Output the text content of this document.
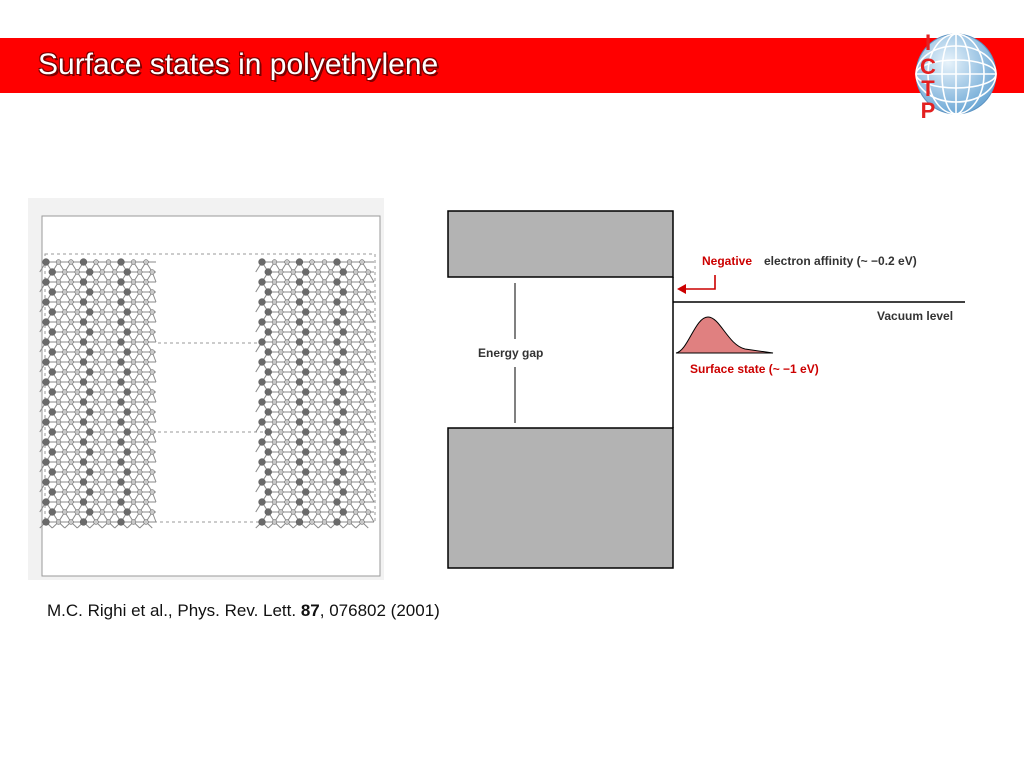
Surface states in polyethylene
I
C
T
P
Energy gap
Surface state (~ −1 eV)
Vacuum level
Negative electron affinity (~ −0.2 eV)
M.C. Righi et al., Phys. Rev. Lett. 87, 076802 (2001)
